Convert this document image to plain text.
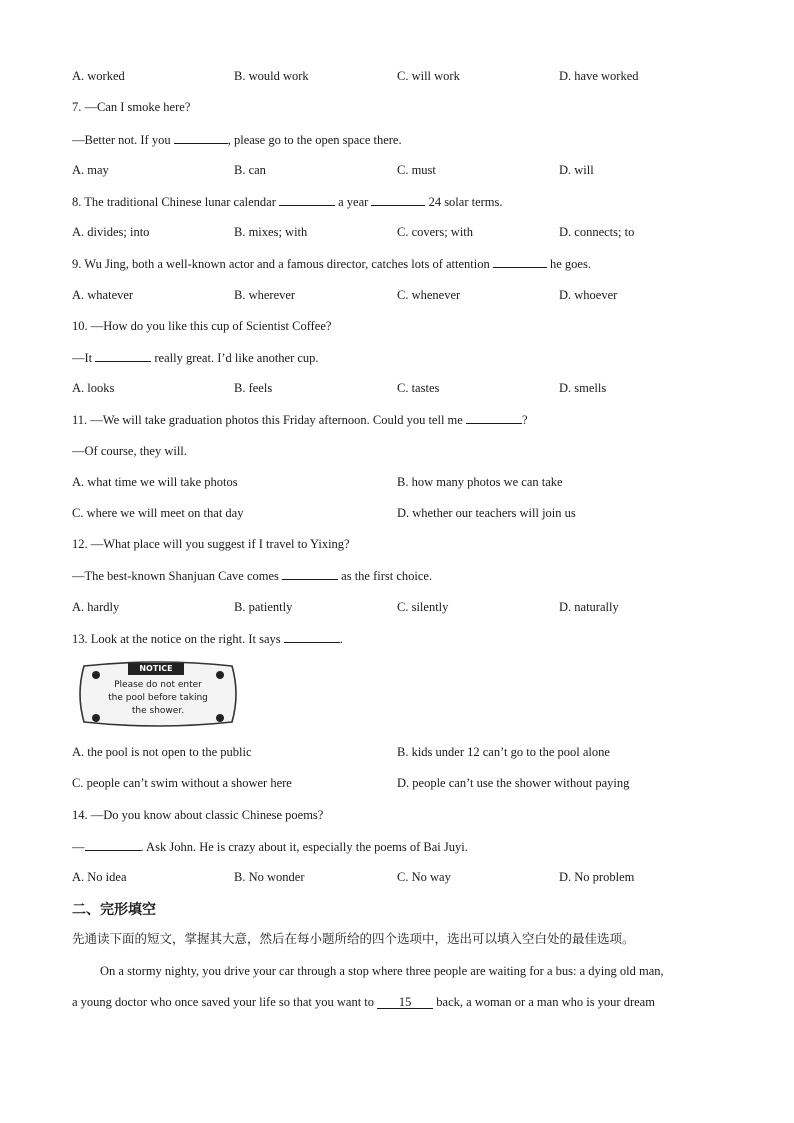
A. worked	B. would work	C. will work	D. have worked
7. —Can I smoke here?
—Better not. If you	, please go to the open space there.
A. may	B. can	C. must	D. will
8. The traditional Chinese lunar calendar	a year	24 solar terms.
A. divides; into	B. mixes; with	C. covers; with	D. connects; to
9. Wu Jing, both a well-known actor and a famous director, catches lots of attention	he goes.
A. whatever	B. wherever	C. whenever	D. whoever
10. —How do you like this cup of Scientist Coffee?
—It	really great. I’d like another cup.
A. looks	B. feels	C. tastes	D. smells
11. —We will take graduation photos this Friday afternoon. Could you tell me	?
—Of course, they will.
A. what time we will take photos	B. how many photos we can take
C. where we will meet on that day	D. whether our teachers will join us
12. —What place will you suggest if I travel to Yixing?
—The best-known Shanjuan Cave comes	as the first choice.
A. hardly	B. patiently	C. silently	D. naturally
13. Look at the notice on the right. It says	.
NOTICE
Please do not enter
the pool before taking
the shower.
A. the pool is not open to the public	B. kids under 12 can’t go to the pool alone
C. people can’t swim without a shower here	D. people can’t use the shower without paying
14. —Do you know about classic Chinese poems?
—	. Ask John. He is crazy about it, especially the poems of Bai Juyi.
A. No idea	B. No wonder	C. No way	D. No problem
二、完形填空
先通读下面的短文，掌握其大意，然后在每小题所给的四个选项中，选出可以填入空白处的最佳选项。
On a stormy nighty, you drive your car through a stop where three people are waiting for a bus: a dying old man,
a young doctor who once saved your life so that you want to 15 back, a woman or a man who is your dream
